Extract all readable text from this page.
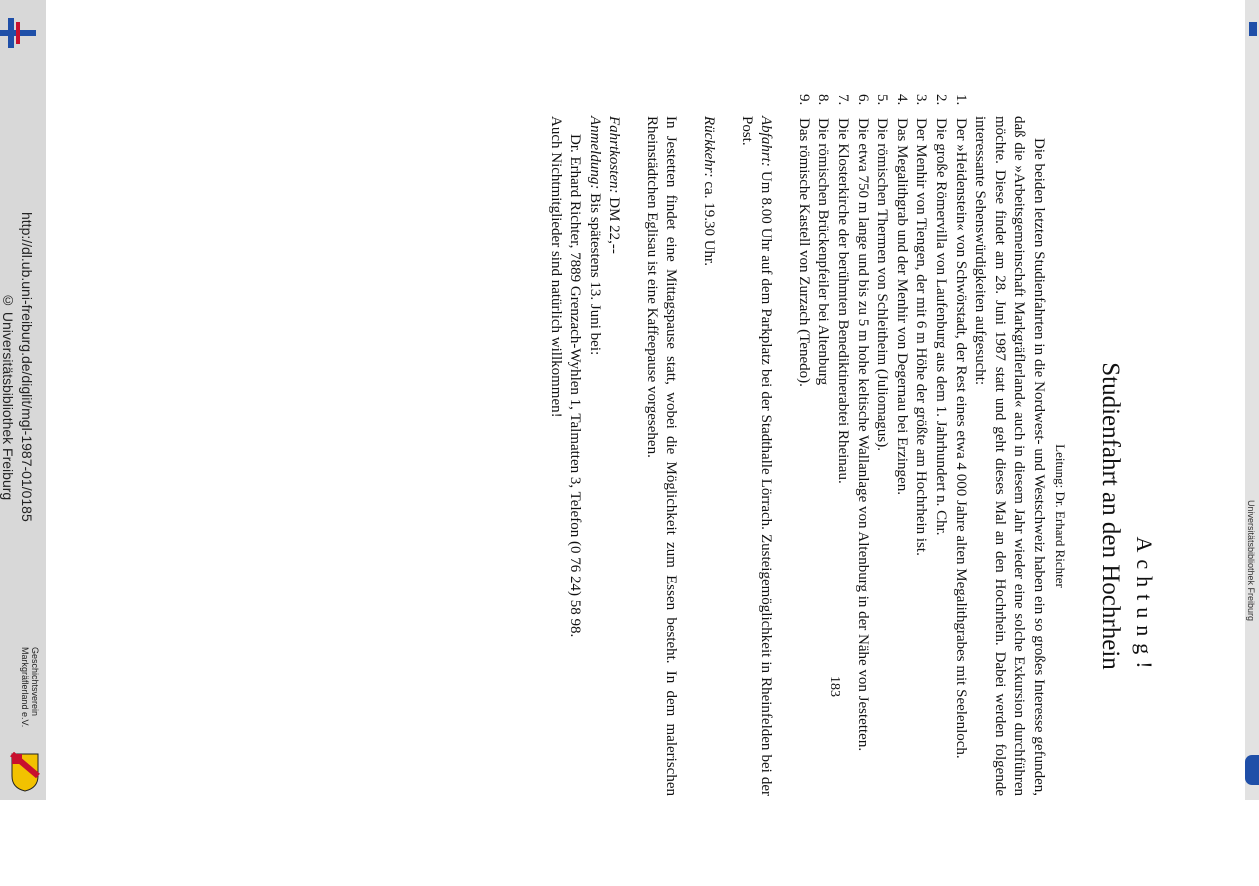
http://dl.ub.uni-freiburg.de/diglit/mgl-1987-01/0185
© Universitätsbibliothek Freiburg
Geschichtsverein
Markgräflerland e.V.
Universitätsbibliothek Freiburg
Achtung!
Studienfahrt an den Hochrhein
Leitung: Dr. Erhard Richter

Die beiden letzten Studienfahrten in die Nordwest- und Westschweiz haben ein so großes Interesse gefunden, daß die »Arbeitsgemeinschaft Markgräflerland« auch in diesem Jahr wieder eine solche Exkursion durchführen möchte. Diese findet am 28. Juni 1987 statt und geht dieses Mal an den Hochrhein. Dabei werden folgende interessante Sehenswürdigkeiten aufgesucht:

1.
Der »Heidenstein« von Schwörstadt, der Rest eines etwa 4 000 Jahre alten Megalithgrabes mit Seelenloch.
2.
Die große Römervilla von Laufenburg aus dem 1. Jahrhundert n. Chr.
3.
Der Menhir von Tiengen, der mit 6 m Höhe der größte am Hochrhein ist.
4.
Das Megalithgrab und der Menhir von Degernau bei Erzingen.
5.
Die römischen Thermen von Schleitheim (Juliomagus).
6.
Die etwa 750 m lange und bis zu 5 m hohe keltische Wallanlage von Altenburg in der Nähe von Jestetten.
7.
Die Klosterkirche der berühmten Benediktinerabtei Rheinau.
8.
Die römischen Brückenpfeiler bei Altenburg
9.
Das römische Kastell von Zurzach (Tenedo).

Abfahrt: Um 8.00 Uhr auf dem Parkplatz bei der Stadthalle Lörrach. Zusteigemöglichkeit in Rheinfelden bei der Post.

Rückkehr: ca. 19.30 Uhr.

In Jestetten findet eine Mittagspause statt, wobei die Möglichkeit zum Essen besteht. In dem malerischen Rheinstädtchen Eglisau ist eine Kaffeepause vorgesehen.

Fahrtkosten: DM 22,--

Anmeldung: Bis spätestens 13. Juni bei:

Dr. Erhard Richter, 7889 Grenzach-Wyhlen 1, Talmatten 3, Telefon (0 76 24) 58 98.

Auch Nichtmitglieder sind natürlich willkommen!

183
